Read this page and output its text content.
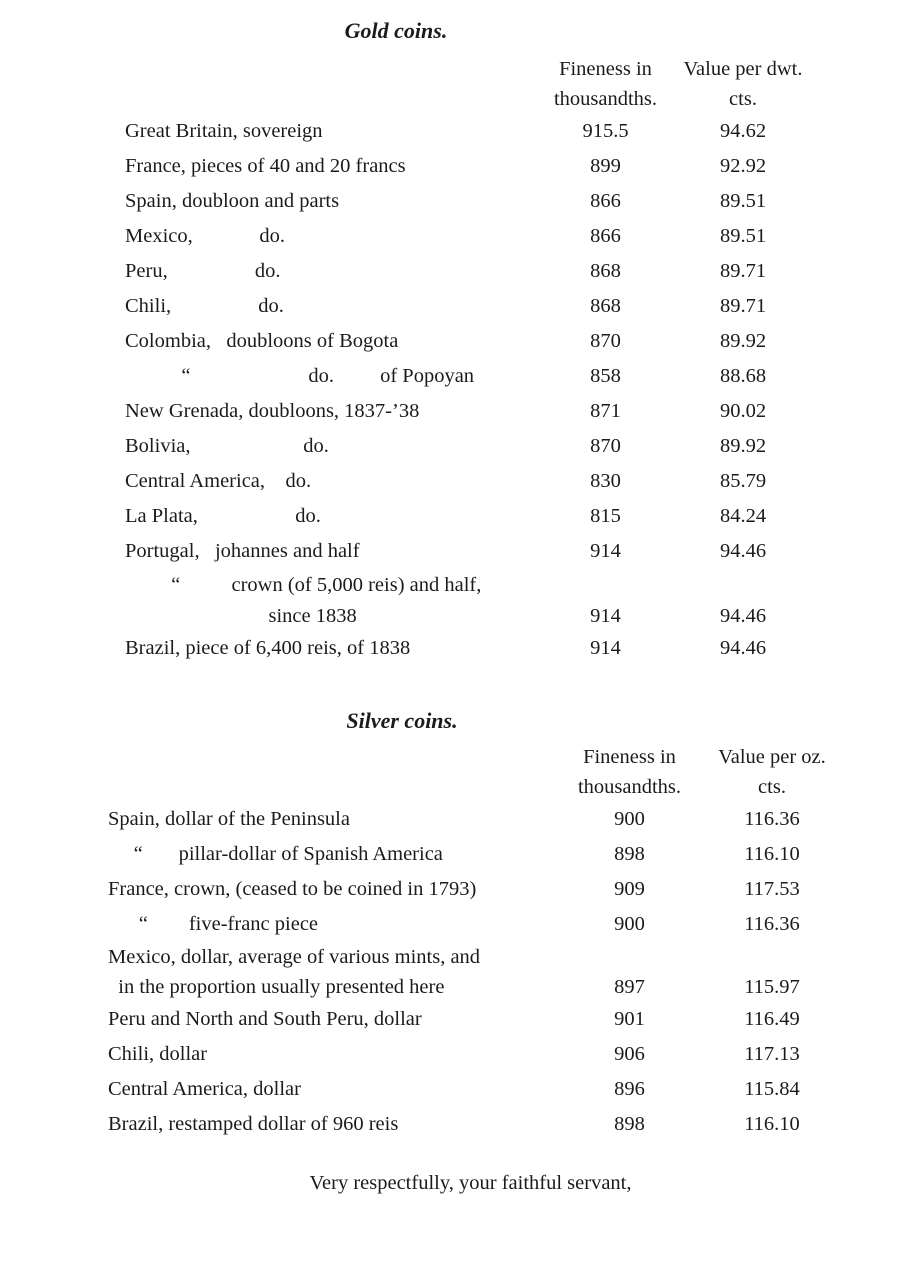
Gold coins.
Fineness in	Value per dwt.
thousandths.	cts.
Great Britain, sovereign	915.5	94.62
France, pieces of 40 and 20 francs	899	92.92
Spain, doubloon and parts	866	89.51
Mexico,             do.	866	89.51
Peru,                 do.	868	89.71
Chili,                 do.	868	89.71
Colombia,   doubloons of Bogota	870	89.92
“                       do.         of Popoyan	858	88.68
New Grenada, doubloons, 1837-’38	871	90.02
Bolivia,                      do.	870	89.92
Central America,    do.	830	85.79
La Plata,                   do.	815	84.24
Portugal,   johannes and half	914	94.46
“          crown (of 5,000 reis) and half,
since 1838	914	94.46
Brazil, piece of 6,400 reis, of 1838	914	94.46
Silver coins.
Fineness in	Value per oz.
thousandths.	cts.
Spain, dollar of the Peninsula	900	116.36
“       pillar-dollar of Spanish America	898	116.10
France, crown, (ceased to be coined in 1793)	909	117.53
“        five-franc piece	900	116.36
Mexico, dollar, average of various mints, and
in the proportion usually presented here	897	115.97
Peru and North and South Peru, dollar	901	116.49
Chili, dollar	906	117.13
Central America, dollar	896	115.84
Brazil, restamped dollar of 960 reis	898	116.10
Very respectfully, your faithful servant,
